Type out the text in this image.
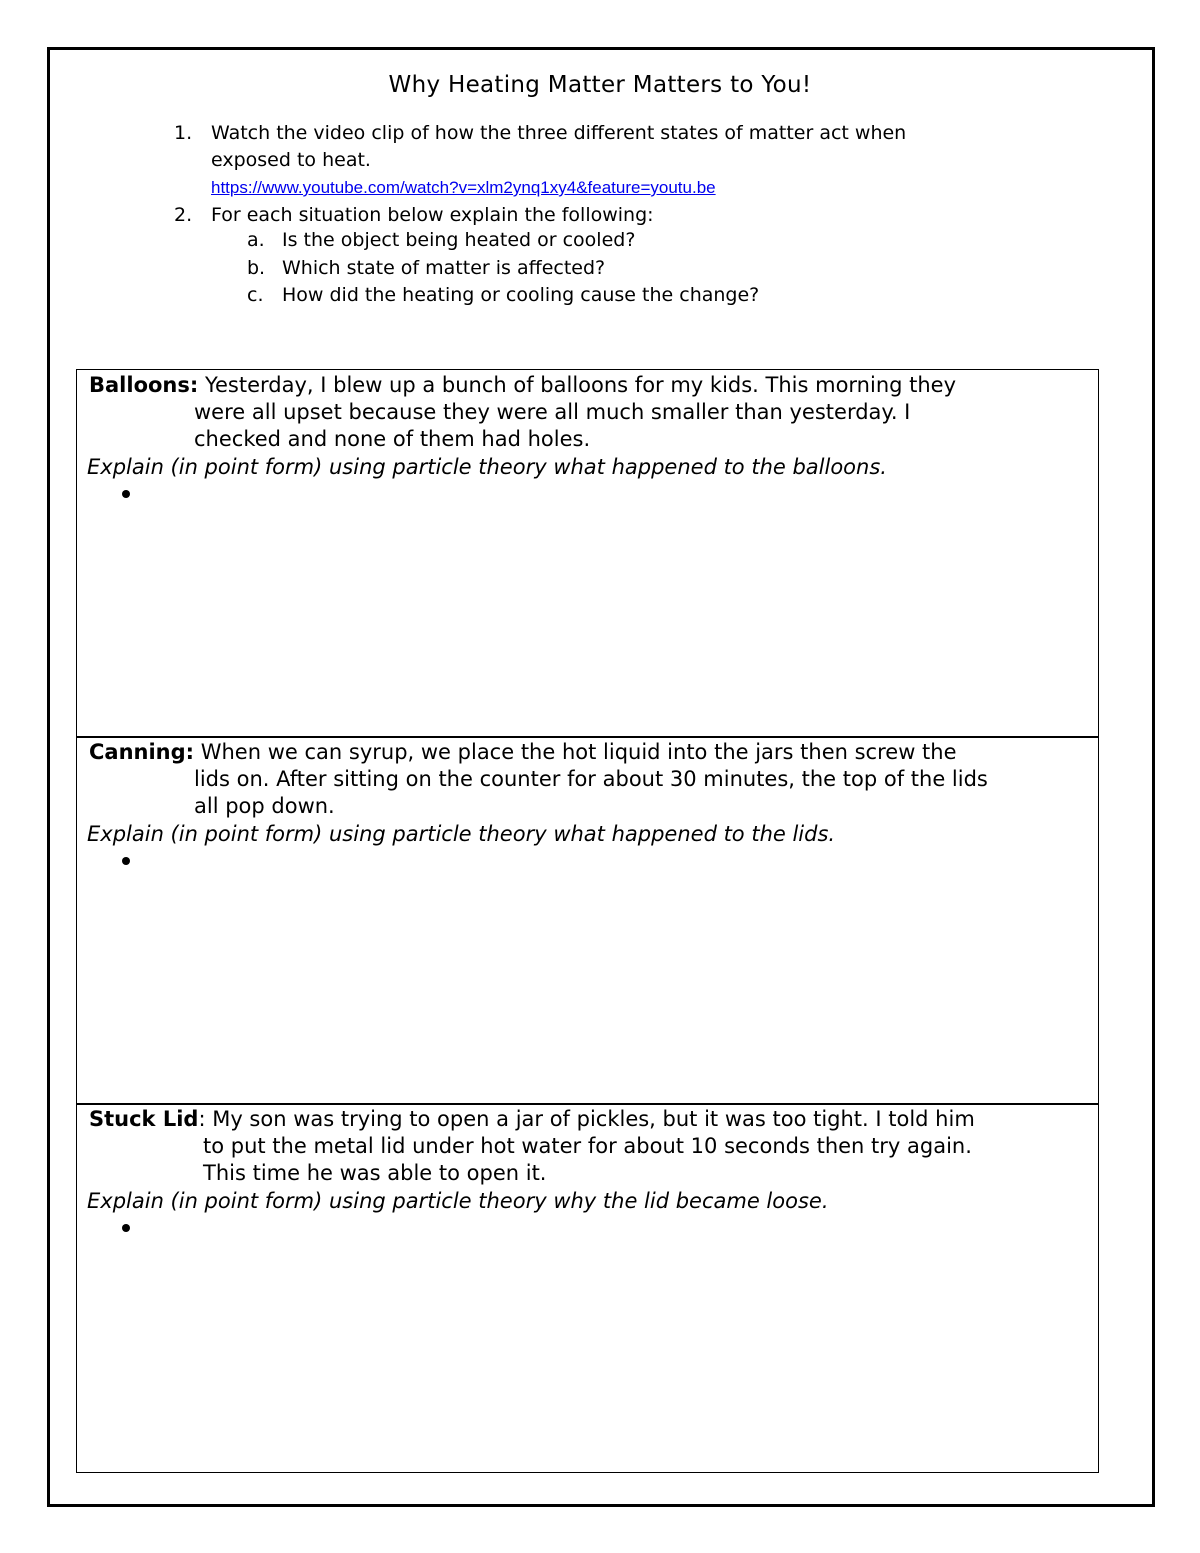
Why Heating Matter Matters to You!
1. Watch the video clip of how the three different states of matter act when
exposed to heat.
https://www.youtube.com/watch?v=xlm2ynq1xy4&feature=youtu.be
2. For each situation below explain the following:
a. Is the object being heated or cooled?
b. Which state of matter is affected?
c. How did the heating or cooling cause the change?
Balloons: Yesterday, I blew up a bunch of balloons for my kids. This morning they
were all upset because they were all much smaller than yesterday. I
checked and none of them had holes.
Explain (in point form) using particle theory what happened to the balloons.
Canning: When we can syrup, we place the hot liquid into the jars then screw the
lids on. After sitting on the counter for about 30 minutes, the top of the lids
all pop down.
Explain (in point form) using particle theory what happened to the lids.
Stuck Lid: My son was trying to open a jar of pickles, but it was too tight. I told him
to put the metal lid under hot water for about 10 seconds then try again.
This time he was able to open it.
Explain (in point form) using particle theory why the lid became loose.
